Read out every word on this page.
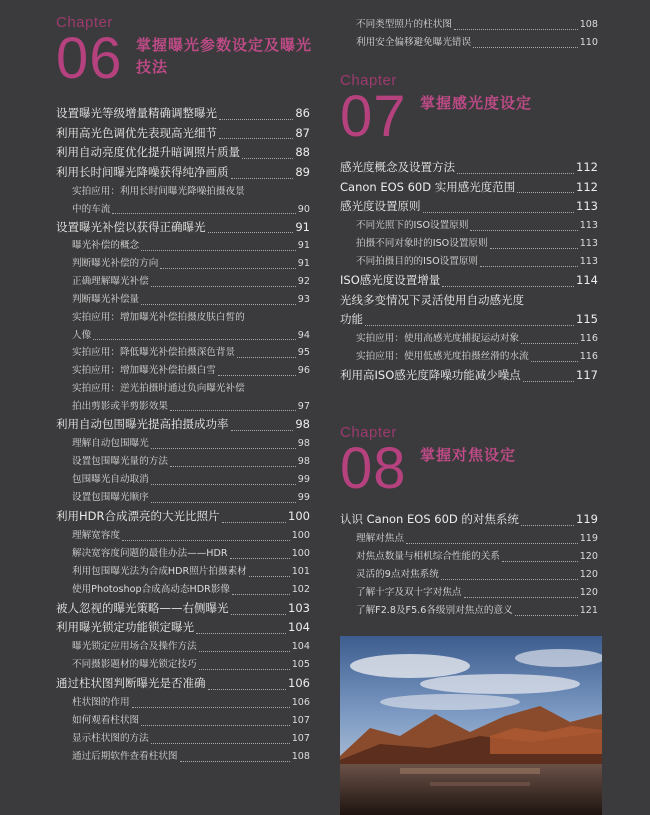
Chapter
06 掌握曝光参数设定及曝光技法
设置曝光等级增量精确调整曝光	86
利用高光色调优先表现高光细节	87
利用自动亮度优化提升暗调照片质量	88
利用长时间曝光降噪获得纯净画质	89
实拍应用：利用长时间曝光降噪拍摄夜景
中的车流	90
设置曝光补偿以获得正确曝光	91
曝光补偿的概念	91
判断曝光补偿的方向	91
正确理解曝光补偿	92
判断曝光补偿量	93
实拍应用：增加曝光补偿拍摄皮肤白皙的
人像	94
实拍应用：降低曝光补偿拍摄深色背景	95
实拍应用：增加曝光补偿拍摄白雪	96
实拍应用：逆光拍摄时通过负向曝光补偿
拍出剪影或半剪影效果	97
利用自动包围曝光提高拍摄成功率	98
理解自动包围曝光	98
设置包围曝光量的方法	98
包围曝光自动取消	99
设置包围曝光顺序	99
利用HDR合成漂亮的大光比照片	100
理解宽容度	100
解决宽容度问题的最佳办法——HDR	100
利用包围曝光法为合成HDR照片拍摄素材	101
使用Photoshop合成高动态HDR影像	102
被人忽视的曝光策略——右侧曝光	103
利用曝光锁定功能锁定曝光	104
曝光锁定应用场合及操作方法	104
不同摄影题材的曝光锁定技巧	105
通过柱状图判断曝光是否准确	106
柱状图的作用	106
如何观看柱状图	107
显示柱状图的方法	107
通过后期软件查看柱状图	108
不同类型照片的柱状图	108
利用安全偏移避免曝光错误	110
Chapter
07 掌握感光度设定
感光度概念及设置方法	112
Canon EOS 60D 实用感光度范围	112
感光度设置原则	113
不同光照下的ISO设置原则	113
拍摄不同对象时的ISO设置原则	113
不同拍摄目的的ISO设置原则	113
ISO感光度设置增量	114
光线多变情况下灵活使用自动感光度
功能	115
实拍应用：使用高感光度捕捉运动对象	116
实拍应用：使用低感光度拍摄丝滑的水流	116
利用高ISO感光度降噪功能减少噪点	117
Chapter
08 掌握对焦设定
认识 Canon EOS 60D 的对焦系统	119
理解对焦点	119
对焦点数量与相机综合性能的关系	120
灵活的9点对焦系统	120
了解十字及双十字对焦点	120
了解F2.8及F5.6各级别对焦点的意义	121
